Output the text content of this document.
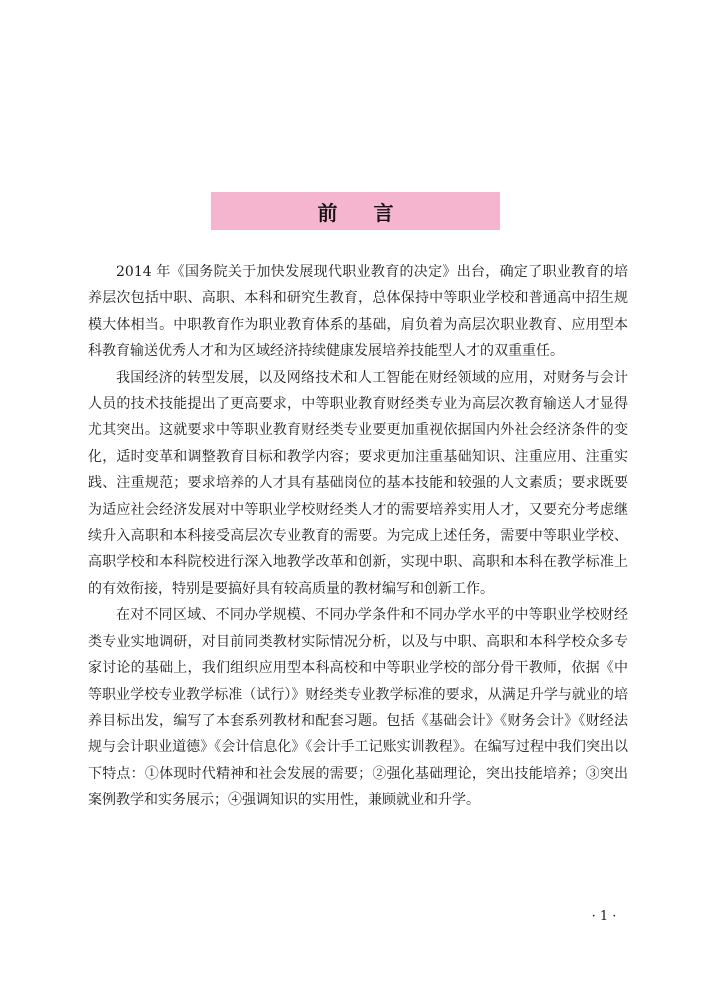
前言

2014 年《国务院关于加快发展现代职业教育的决定》出台，确定了职业教育的培养层次包括中职、高职、本科和研究生教育，总体保持中等职业学校和普通高中招生规模大体相当。中职教育作为职业教育体系的基础，肩负着为高层次职业教育、应用型本科教育输送优秀人才和为区域经济持续健康发展培养技能型人才的双重重任。

我国经济的转型发展，以及网络技术和人工智能在财经领域的应用，对财务与会计人员的技术技能提出了更高要求，中等职业教育财经类专业为高层次教育输送人才显得尤其突出。这就要求中等职业教育财经类专业要更加重视依据国内外社会经济条件的变化，适时变革和调整教育目标和教学内容；要求更加注重基础知识、注重应用、注重实践、注重规范；要求培养的人才具有基础岗位的基本技能和较强的人文素质；要求既要为适应社会经济发展对中等职业学校财经类人才的需要培养实用人才，又要充分考虑继续升入高职和本科接受高层次专业教育的需要。为完成上述任务，需要中等职业学校、高职学校和本科院校进行深入地教学改革和创新，实现中职、高职和本科在教学标准上的有效衔接，特别是要搞好具有较高质量的教材编写和创新工作。

在对不同区域、不同办学规模、不同办学条件和不同办学水平的中等职业学校财经类专业实地调研，对目前同类教材实际情况分析，以及与中职、高职和本科学校众多专家讨论的基础上，我们组织应用型本科高校和中等职业学校的部分骨干教师，依据《中等职业学校专业教学标准（试行）》财经类专业教学标准的要求，从满足升学与就业的培养目标出发，编写了本套系列教材和配套习题。包括《基础会计》《财务会计》《财经法规与会计职业道德》《会计信息化》《会计手工记账实训教程》。在编写过程中我们突出以下特点：①体现时代精神和社会发展的需要；②强化基础理论，突出技能培养；③突出案例教学和实务展示；④强调知识的实用性，兼顾就业和升学。

· 1 ·
